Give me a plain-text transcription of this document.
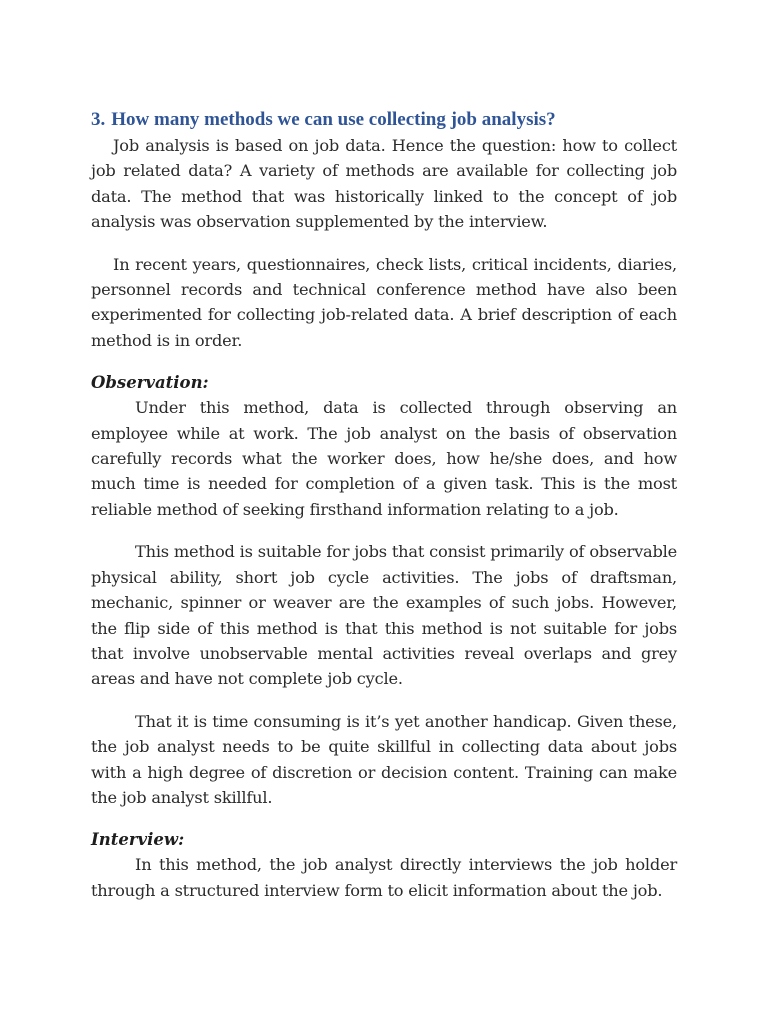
3. How many methods we can use collecting job analysis?

Job analysis is based on job data. Hence the question: how to collect job related data? A variety of methods are available for collecting job data. The method that was historically linked to the concept of job analysis was observation supplemented by the interview.

In recent years, questionnaires, check lists, critical incidents, diaries, personnel records and technical conference method have also been experimented for collecting job-related data. A brief description of each method is in order.

Observation:

Under this method, data is collected through observing an employee while at work. The job analyst on the basis of observation carefully records what the worker does, how he/she does, and how much time is needed for completion of a given task. This is the most reliable method of seeking firsthand information relating to a job.

This method is suitable for jobs that consist primarily of observable physical ability, short job cycle activities. The jobs of draftsman, mechanic, spinner or weaver are the examples of such jobs. However, the flip side of this method is that this method is not suitable for jobs that involve unobservable mental activities reveal overlaps and grey areas and have not complete job cycle.

That it is time consuming is it’s yet another handicap. Given these, the job analyst needs to be quite skillful in collecting data about jobs with a high degree of discretion or decision content. Training can make the job analyst skillful.

Interview:

In this method, the job analyst directly interviews the job holder through a structured interview form to elicit information about the job.
